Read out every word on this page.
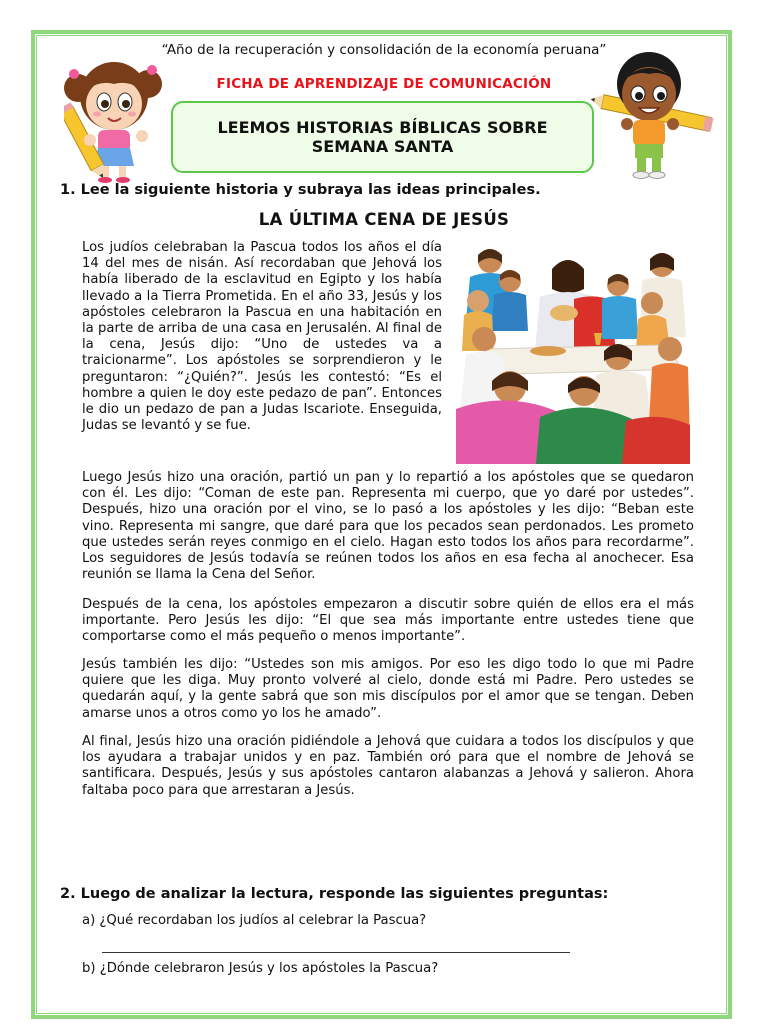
“Año de la recuperación y consolidación de la economía peruana”
FICHA DE APRENDIZAJE DE COMUNICACIÓN
LEEMOS HISTORIAS BÍBLICAS SOBRE SEMANA SANTA
1. Lee la siguiente historia y subraya las ideas principales.
LA ÚLTIMA CENA DE JESÚS

Los judíos celebraban la Pascua todos los años el día 14 del mes de nisán. Así recordaban que Jehová los había liberado de la esclavitud en Egipto y los había llevado a la Tierra Prometida. En el año 33, Jesús y los apóstoles celebraron la Pascua en una habitación en la parte de arriba de una casa en Jerusalén. Al final de la cena, Jesús dijo: “Uno de ustedes va a traicionarme”. Los apóstoles se sorprendieron y le preguntaron: “¿Quién?”. Jesús les contestó: “Es el hombre a quien le doy este pedazo de pan”. Entonces le dio un pedazo de pan a Judas Iscariote. Enseguida, Judas se levantó y se fue.

Luego Jesús hizo una oración, partió un pan y lo repartió a los apóstoles que se quedaron con él. Les dijo: “Coman de este pan. Representa mi cuerpo, que yo daré por ustedes”. Después, hizo una oración por el vino, se lo pasó a los apóstoles y les dijo: “Beban este vino. Representa mi sangre, que daré para que los pecados sean perdonados. Les prometo que ustedes serán reyes conmigo en el cielo. Hagan esto todos los años para recordarme”. Los seguidores de Jesús todavía se reúnen todos los años en esa fecha al anochecer. Esa reunión se llama la Cena del Señor.

Después de la cena, los apóstoles empezaron a discutir sobre quién de ellos era el más importante. Pero Jesús les dijo: “El que sea más importante entre ustedes tiene que comportarse como el más pequeño o menos importante”.

Jesús también les dijo: “Ustedes son mis amigos. Por eso les digo todo lo que mi Padre quiere que les diga. Muy pronto volveré al cielo, donde está mi Padre. Pero ustedes se quedarán aquí, y la gente sabrá que son mis discípulos por el amor que se tengan. Deben amarse unos a otros como yo los he amado”.

Al final, Jesús hizo una oración pidiéndole a Jehová que cuidara a todos los discípulos y que los ayudara a trabajar unidos y en paz. También oró para que el nombre de Jehová se santificara. Después, Jesús y sus apóstoles cantaron alabanzas a Jehová y salieron. Ahora faltaba poco para que arrestaran a Jesús.

2. Luego de analizar la lectura, responde las siguientes preguntas:
a) ¿Qué recordaban los judíos al celebrar la Pascua?
b) ¿Dónde celebraron Jesús y los apóstoles la Pascua?
